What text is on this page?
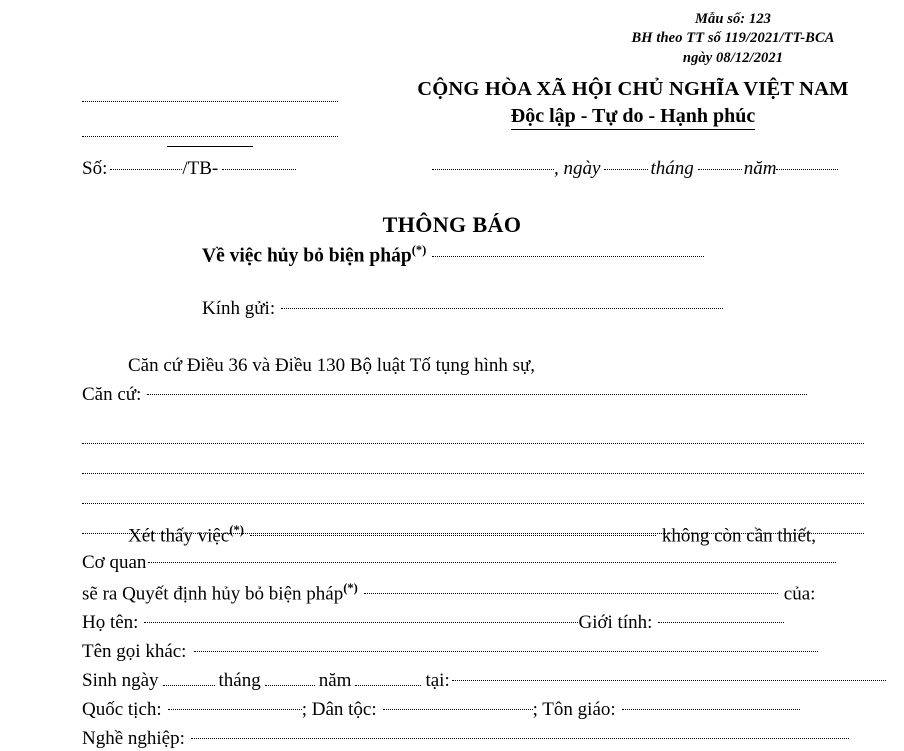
Mẫu số: 123
BH theo TT số 119/2021/TT-BCA
ngày 08/12/2021
CỘNG HÒA XÃ HỘI CHỦ NGHĨA VIỆT NAM
Độc lập - Tự do - Hạnh phúc
Số:	/TB-	, ngày	tháng	năm
THÔNG BÁO
Về việc hủy bỏ biện pháp(*)
Kính gửi:
Căn cứ Điều 36 và Điều 130 Bộ luật Tố tụng hình sự,
Căn cứ:
Xét thấy việc(*)	không còn cần thiết,
Cơ quan
sẽ ra Quyết định hủy bỏ biện pháp(*)	của:
Họ tên:	Giới tính:
Tên gọi khác:
Sinh ngày	tháng	năm	tại:
Quốc tịch:	; Dân tộc:	; Tôn giáo:
Nghề nghiệp:
